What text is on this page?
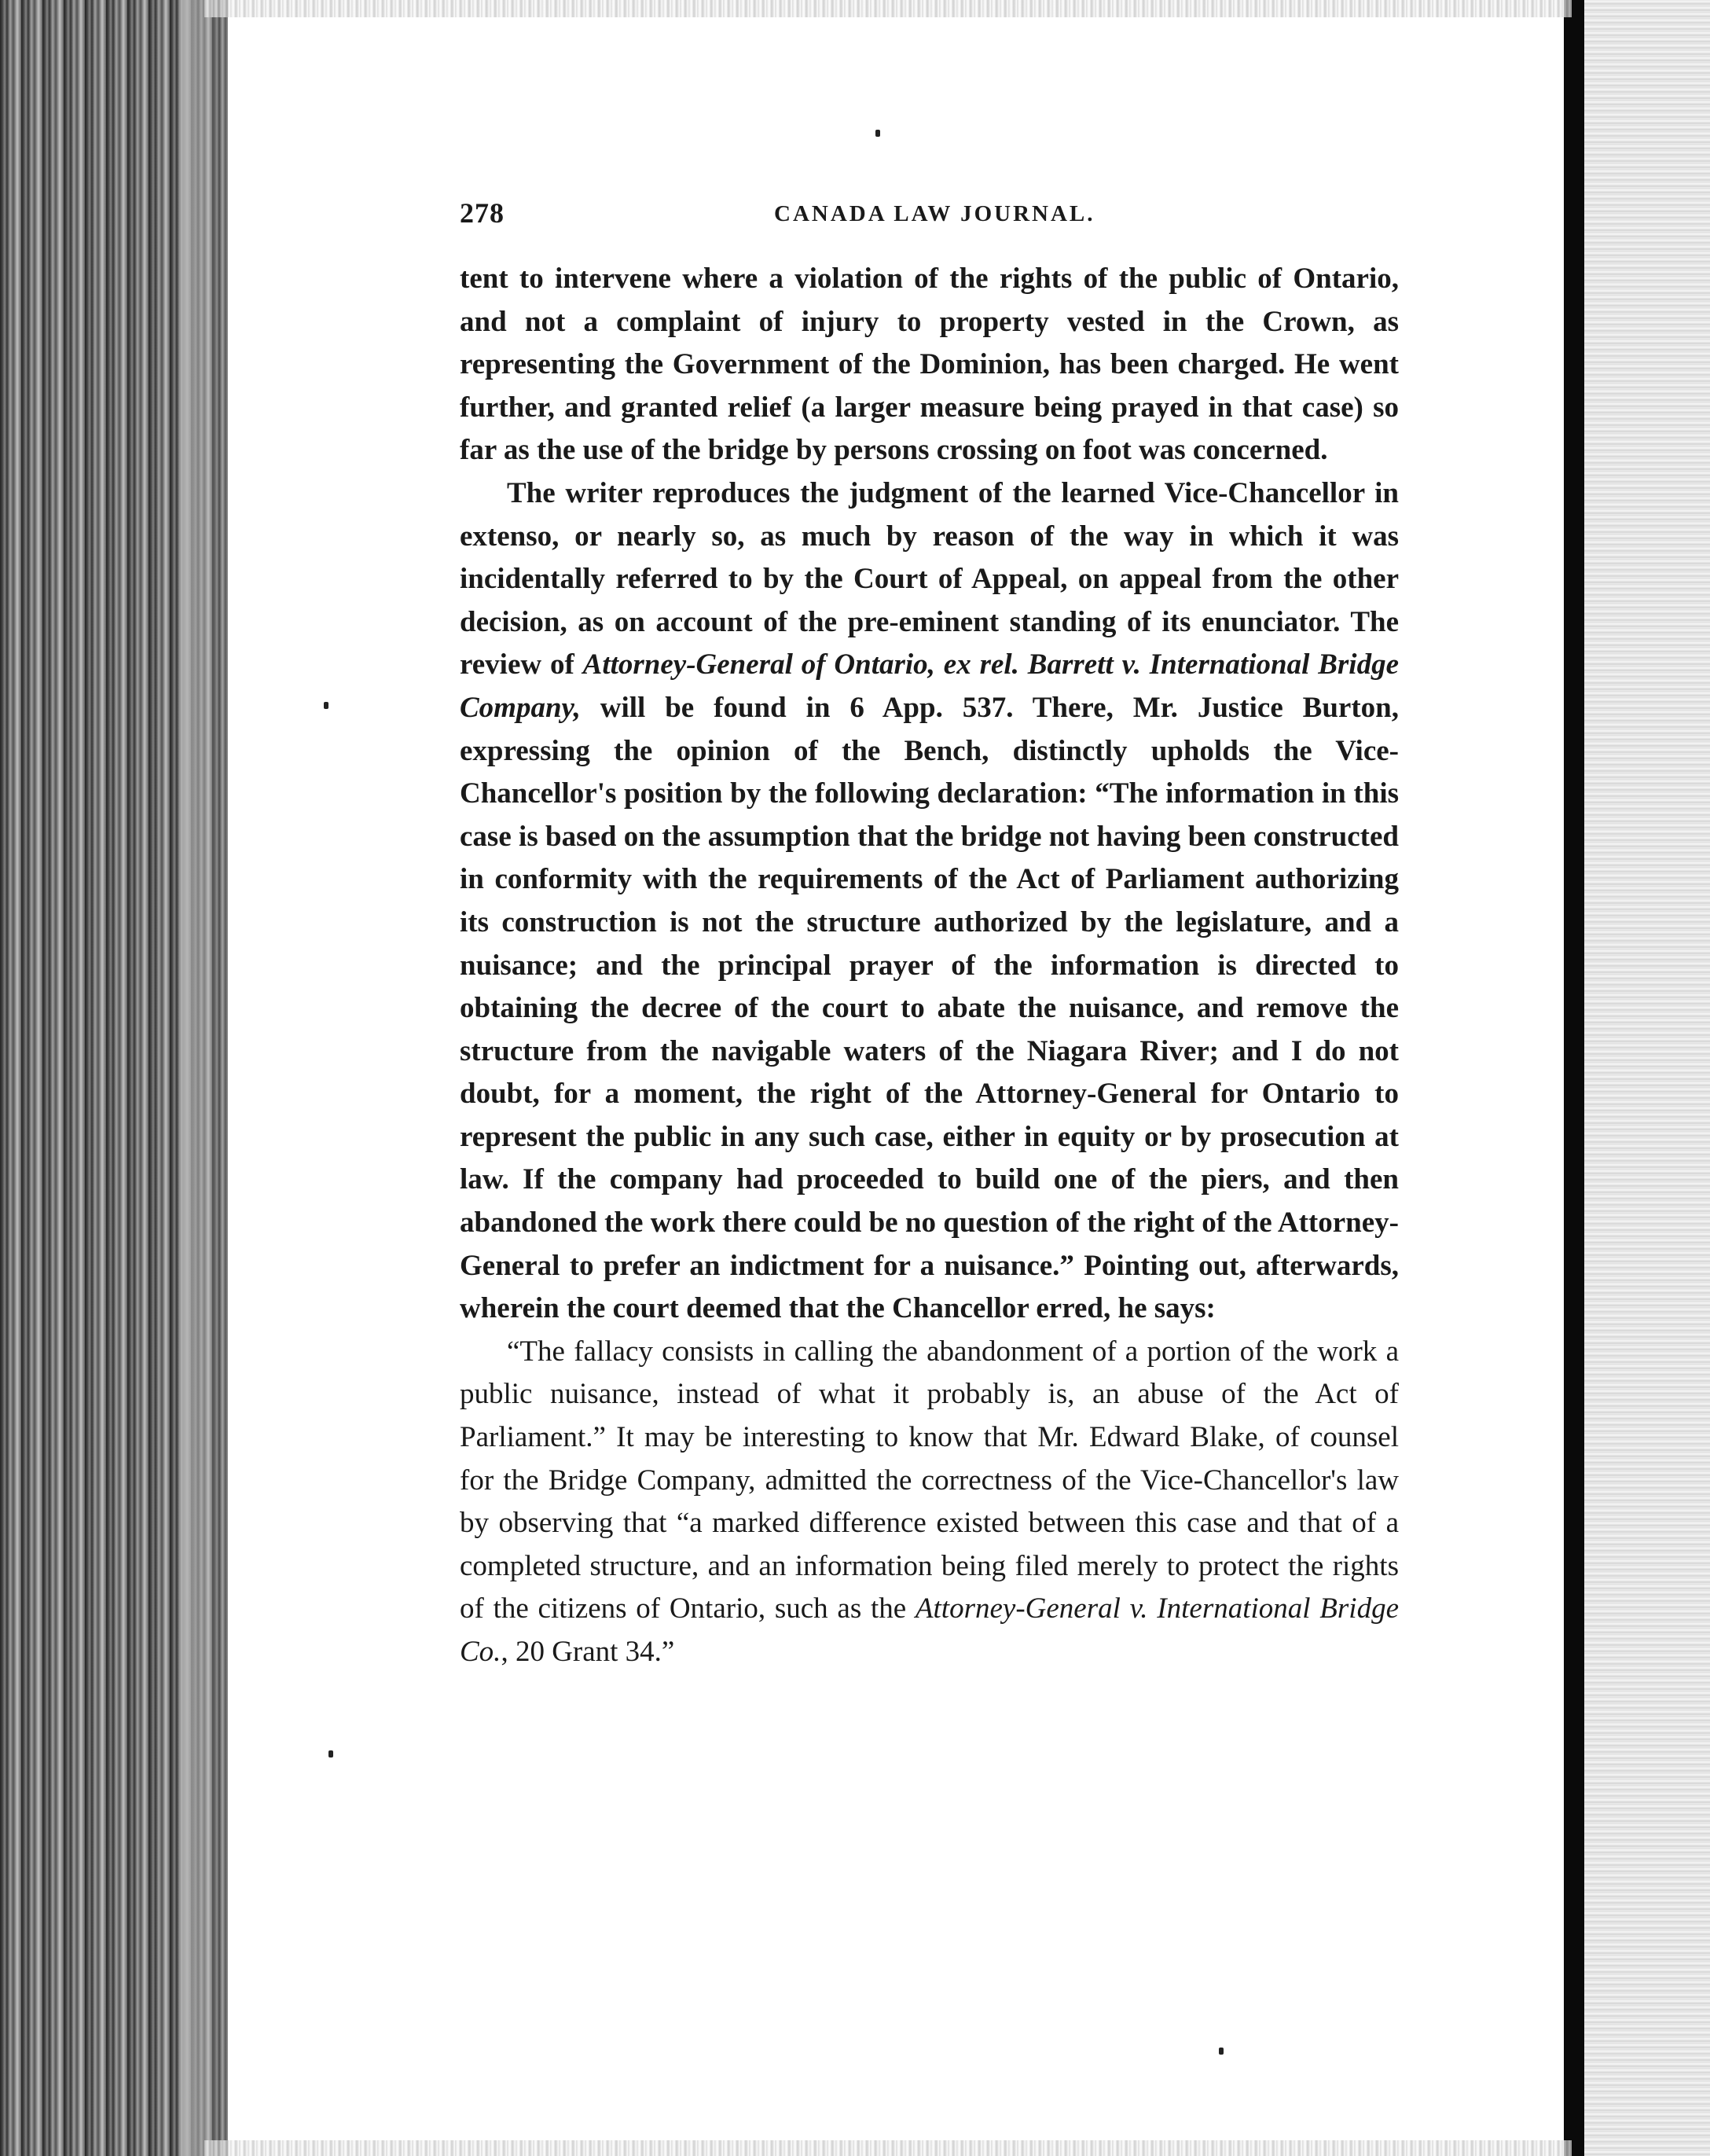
278	CANADA LAW JOURNAL.

tent to intervene where a violation of the rights of the public of Ontario, and not a complaint of injury to property vested in the Crown, as representing the Government of the Dominion, has been charged. He went further, and granted relief (a larger measure being prayed in that case) so far as the use of the bridge by persons crossing on foot was concerned.

The writer reproduces the judgment of the learned Vice-Chancellor in extenso, or nearly so, as much by reason of the way in which it was incidentally referred to by the Court of Appeal, on appeal from the other decision, as on account of the pre-eminent standing of its enunciator. The review of Attorney-General of Ontario, ex rel. Barrett v. International Bridge Company, will be found in 6 App. 537. There, Mr. Justice Burton, expressing the opinion of the Bench, distinctly upholds the Vice-Chancellor's position by the following declaration: “The information in this case is based on the assumption that the bridge not having been constructed in conformity with the requirements of the Act of Parliament authorizing its construction is not the structure authorized by the legislature, and a nuisance; and the principal prayer of the information is directed to obtaining the decree of the court to abate the nuisance, and remove the structure from the navigable waters of the Niagara River; and I do not doubt, for a moment, the right of the Attorney-General for Ontario to represent the public in any such case, either in equity or by prosecution at law. If the company had proceeded to build one of the piers, and then abandoned the work there could be no question of the right of the Attorney-General to prefer an indictment for a nuisance.” Pointing out, afterwards, wherein the court deemed that the Chancellor erred, he says:

“The fallacy consists in calling the abandonment of a portion of the work a public nuisance, instead of what it probably is, an abuse of the Act of Parliament.” It may be interesting to know that Mr. Edward Blake, of counsel for the Bridge Company, admitted the correctness of the Vice-Chancellor's law by observing that “a marked difference existed between this case and that of a completed structure, and an information being filed merely to protect the rights of the citizens of Ontario, such as the Attorney-General v. International Bridge Co., 20 Grant 34.”
